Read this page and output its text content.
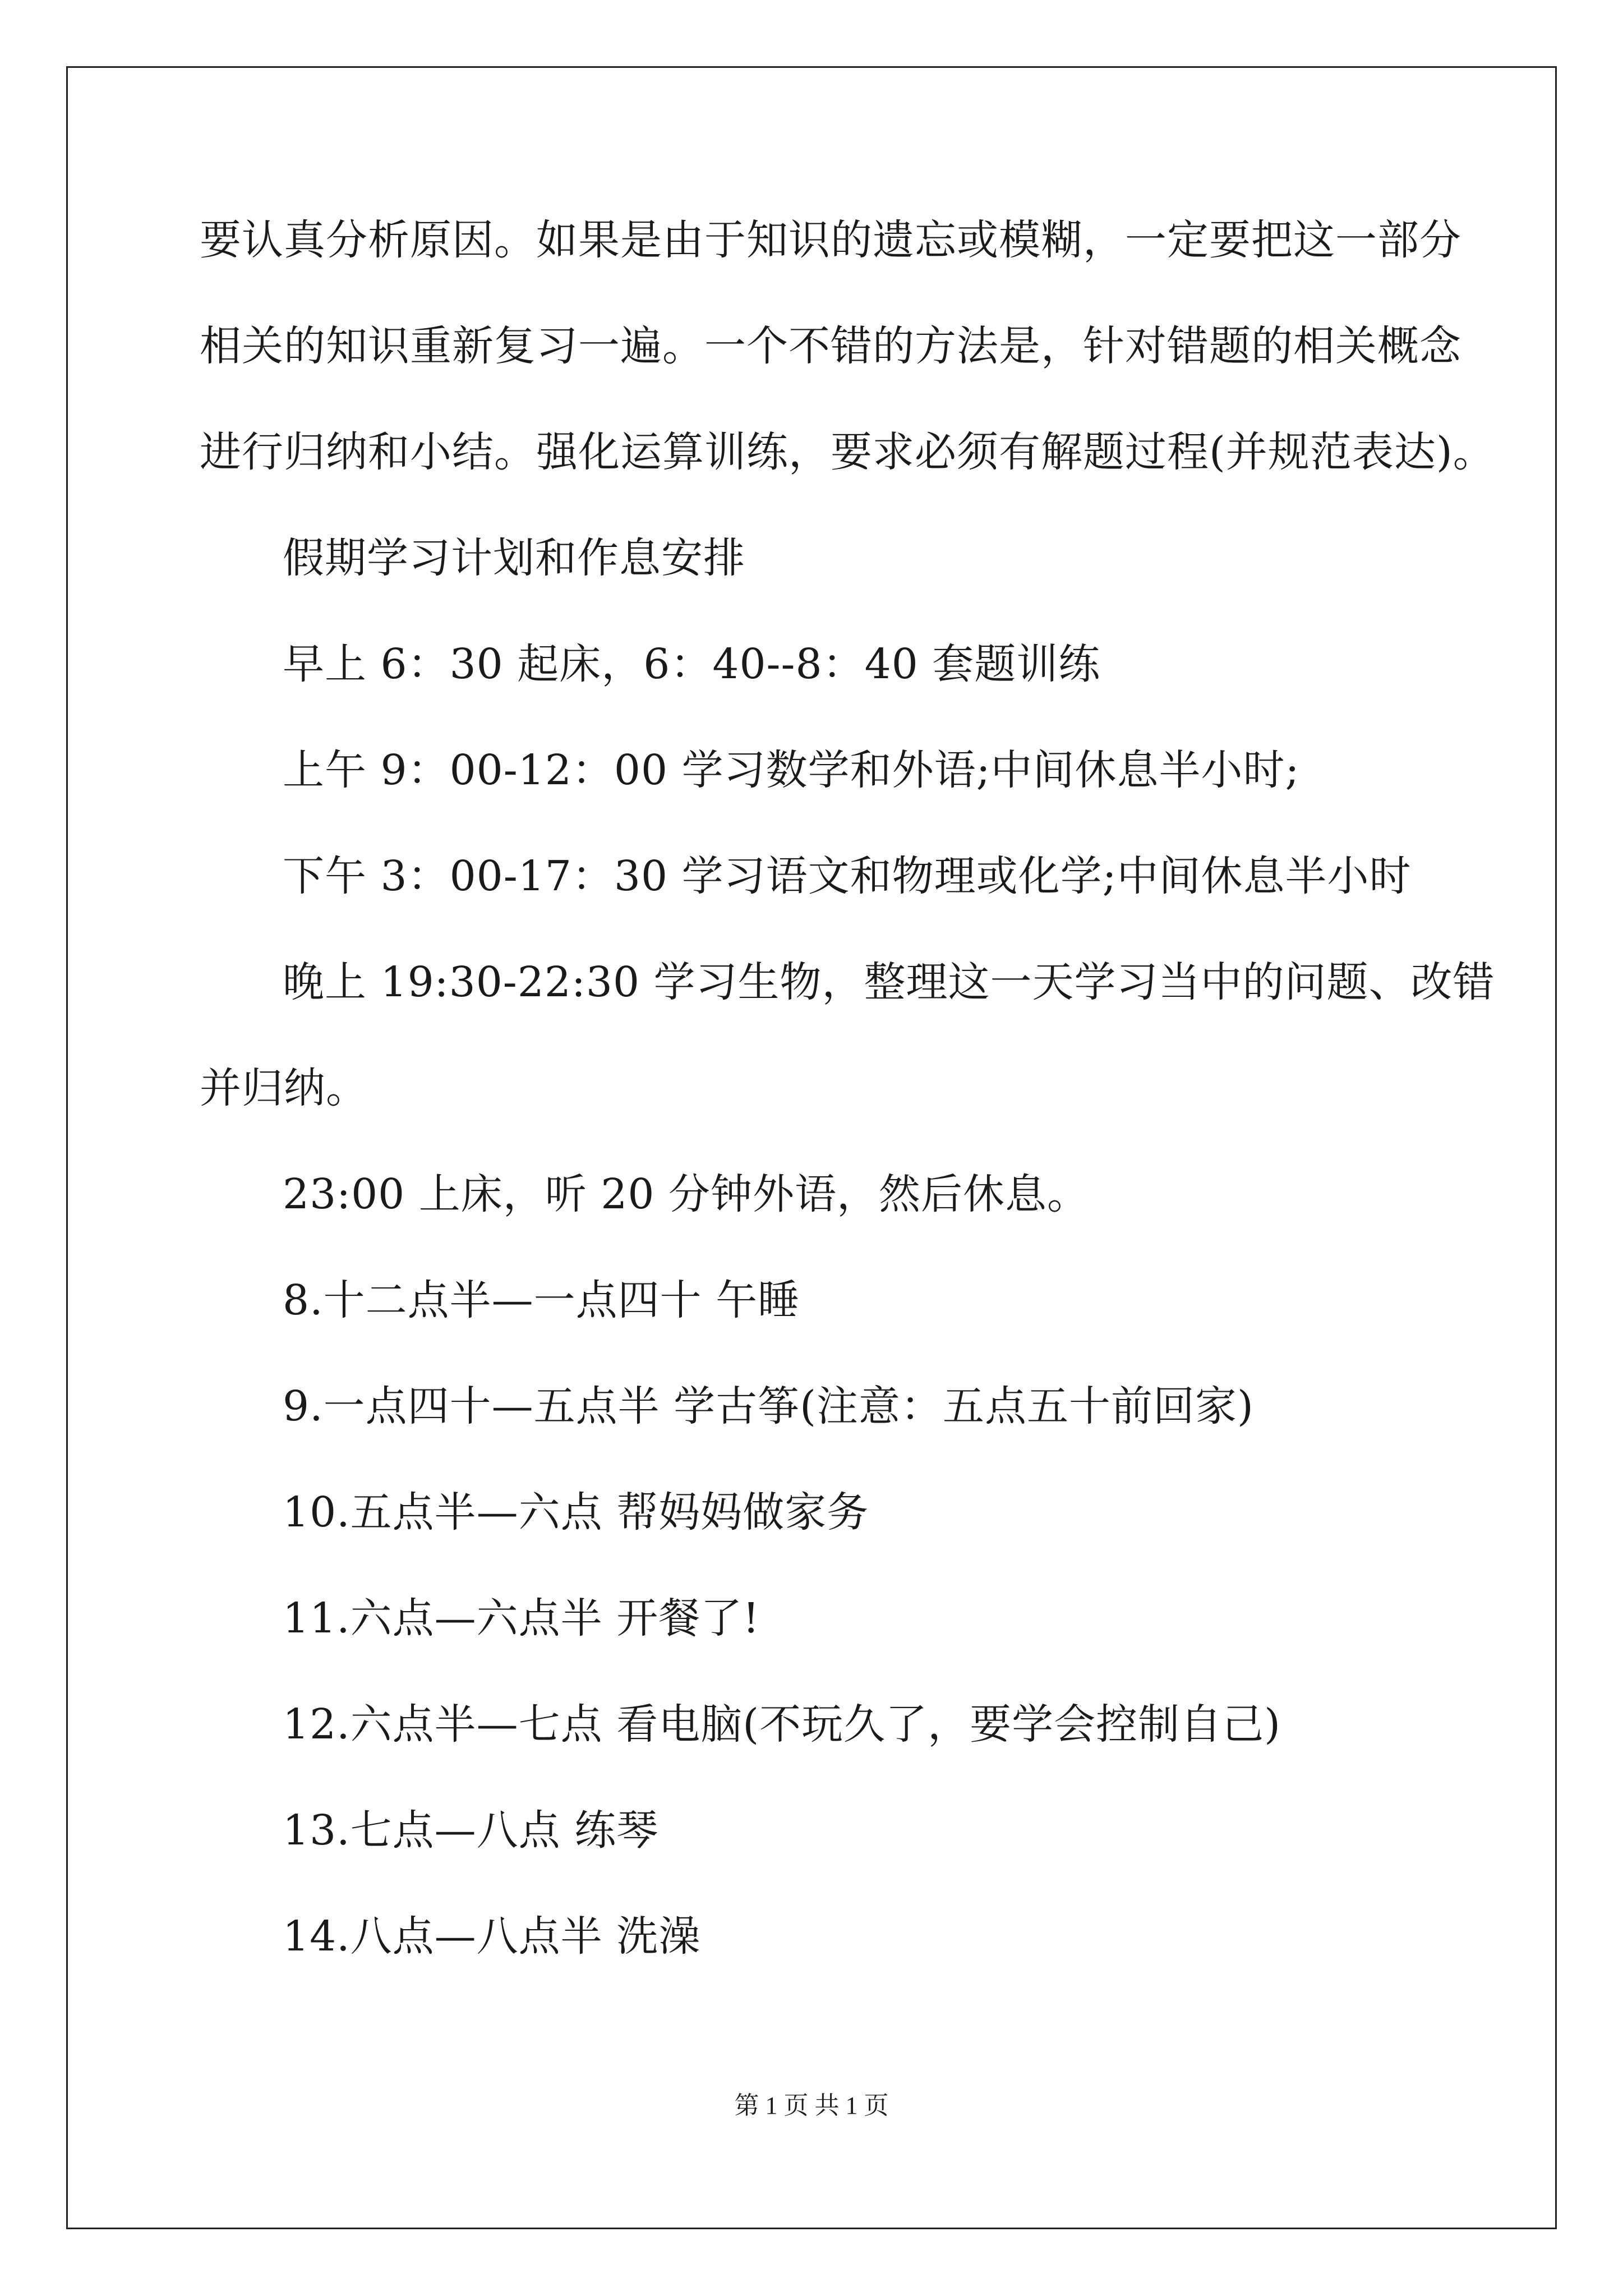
要认真分析原因。如果是由于知识的遗忘或模糊，一定要把这一部分

相关的知识重新复习一遍。一个不错的方法是，针对错题的相关概念

进行归纳和小结。强化运算训练，要求必须有解题过程(并规范表达)。

假期学习计划和作息安排

早上 6：30 起床，6：40--8：40 套题训练

上午 9：00-12：00 学习数学和外语;中间休息半小时;

下午 3：00-17：30 学习语文和物理或化学;中间休息半小时

晚上 19:30-22:30 学习生物，整理这一天学习当中的问题、改错

并归纳。

23:00 上床，听 20 分钟外语，然后休息。

8.十二点半—一点四十 午睡

9.一点四十—五点半 学古筝(注意：五点五十前回家)

10.五点半—六点 帮妈妈做家务

11.六点—六点半 开餐了!

12.六点半—七点 看电脑(不玩久了，要学会控制自己)

13.七点—八点 练琴

14.八点—八点半 洗澡

第 1 页 共 1 页
